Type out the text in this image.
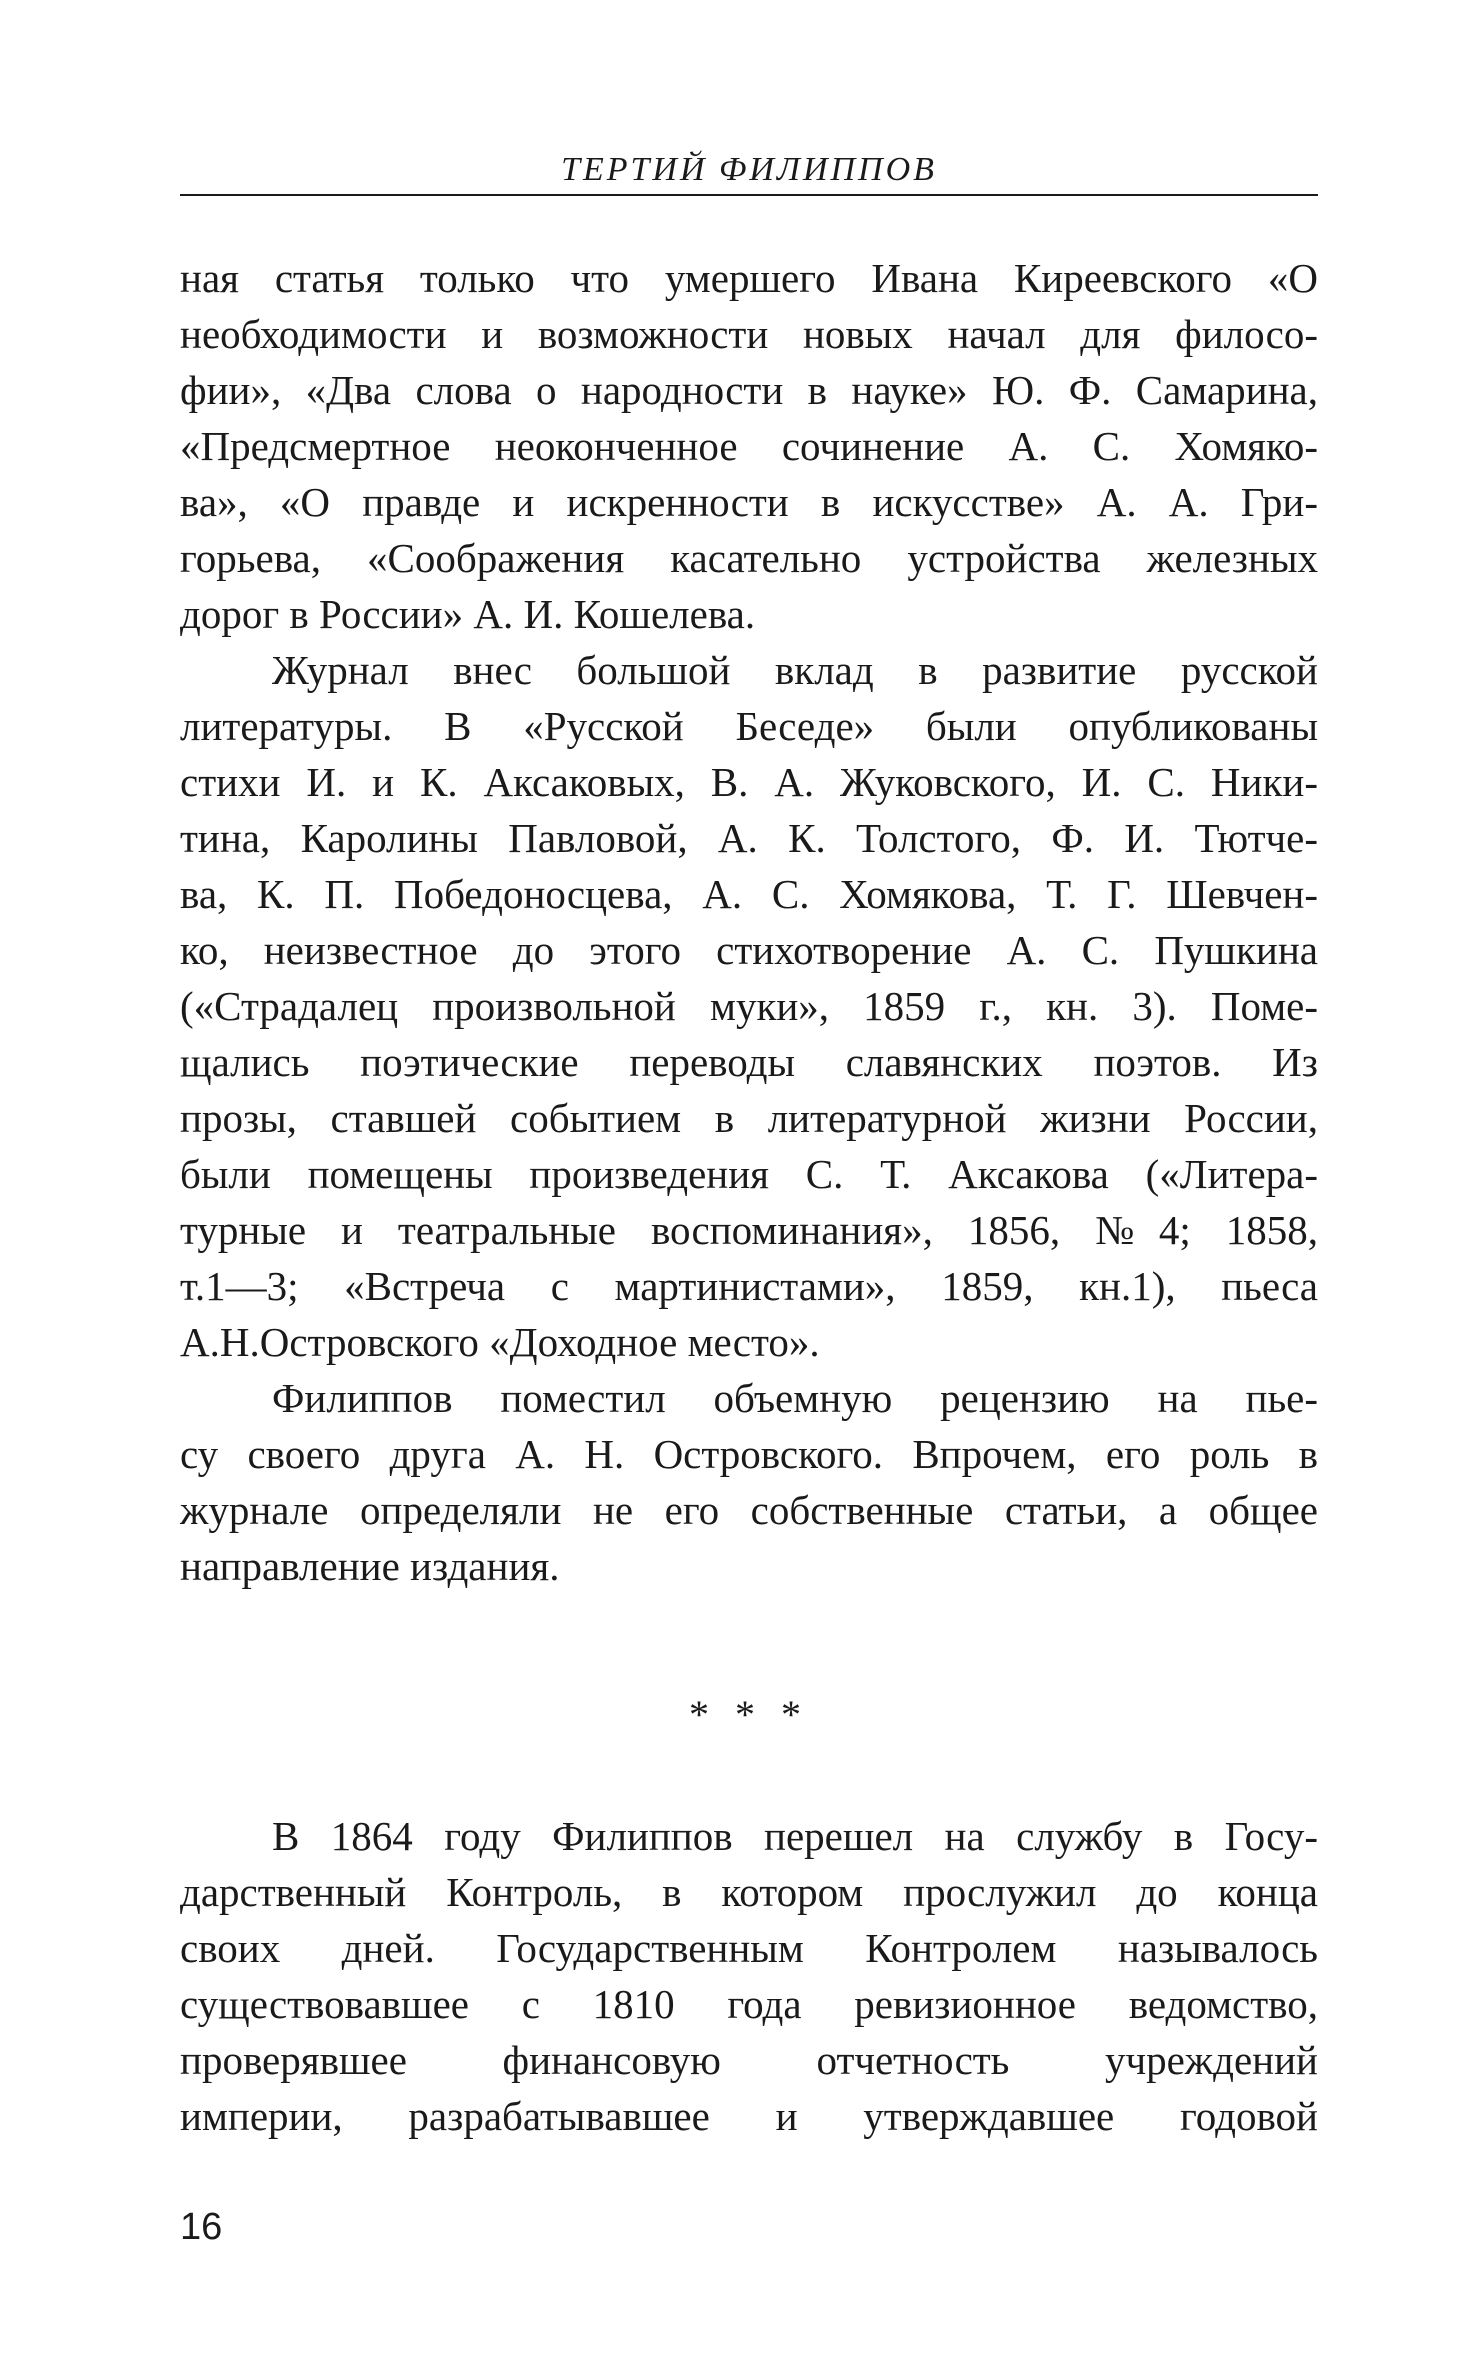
ТЕРТИЙ ФИЛИППОВ

ная статья только что умершего Ивана Киреевского «О
необходимости и возможности новых начал для филосо-
фии», «Два слова о народности в науке» Ю. Ф. Самарина,
«Предсмертное неоконченное сочинение А. С. Хомяко-
ва», «О правде и искренности в искусстве» А. А. Гри-
горьева, «Соображения касательно устройства железных
дорог в России» А. И. Кошелева.

Журнал внес большой вклад в развитие русской
литературы. В «Русской Беседе» были опубликованы
стихи И. и К. Аксаковых, В. А. Жуковского, И. С. Ники-
тина, Каролины Павловой, А. К. Толстого, Ф. И. Тютче-
ва, К. П. Победоносцева, А. С. Хомякова, Т. Г. Шевчен-
ко, неизвестное до этого стихотворение А. С. Пушкина
(«Страдалец произвольной муки», 1859 г., кн. 3). Поме-
щались поэтические переводы славянских поэтов. Из
прозы, ставшей событием в литературной жизни России,
были помещены произведения С. Т. Аксакова («Литера-
турные и театральные воспоминания», 1856, №4; 1858,
т.1—3; «Встреча с мартинистами», 1859, кн.1), пьеса
А.Н.Островского «Доходное место».

Филиппов поместил объемную рецензию на пье-
су своего друга А. Н. Островского. Впрочем, его роль в
журнале определяли не его собственные статьи, а общее
направление издания.

* * *
В 1864 году Филиппов перешел на службу в Госу-
дарственный Контроль, в котором прослужил до конца
своих дней. Государственным Контролем называлось
существовавшее с 1810 года ревизионное ведомство,
проверявшее финансовую отчетность учреждений
империи, разрабатывавшее и утверждавшее годовой
16
